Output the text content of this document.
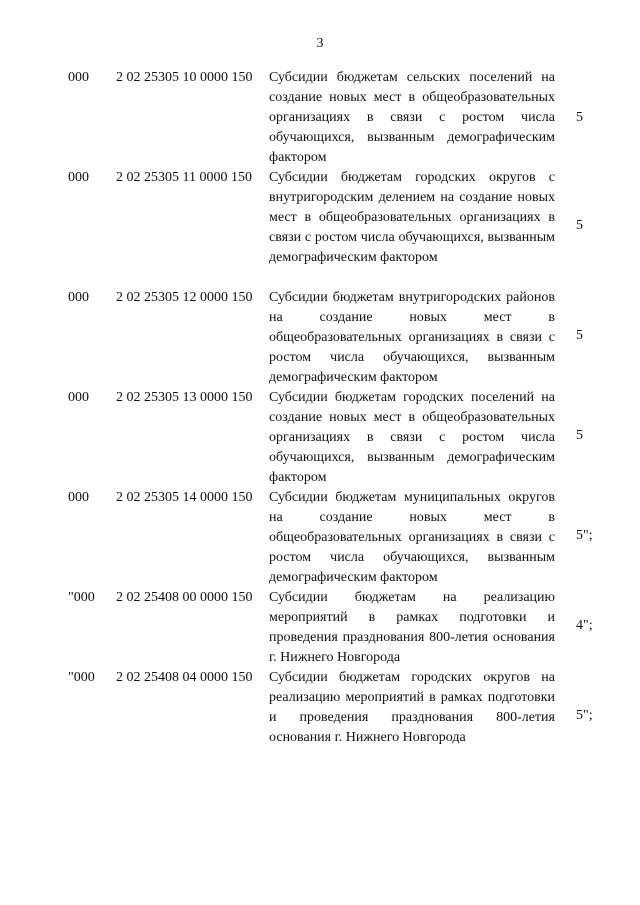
3
000 2 02 25305 10 0000 150 Субсидии бюджетам сельских поселений на создание новых мест в общеобразовательных организациях в связи с ростом числа обучающихся, вызванным демографическим фактором
5
000 2 02 25305 11 0000 150 Субсидии бюджетам городских округов с внутригородским делением на создание новых мест в общеобразовательных организациях в связи с ростом числа обучающихся, вызванным демографическим фактором
5
000 2 02 25305 12 0000 150 Субсидии бюджетам внутригородских районов на создание новых мест в общеобразовательных организациях в связи с ростом числа обучающихся, вызванным демографическим фактором
5
000 2 02 25305 13 0000 150 Субсидии бюджетам городских поселений на создание новых мест в общеобразовательных организациях в связи с ростом числа обучающихся, вызванным демографическим фактором
5
000 2 02 25305 14 0000 150 Субсидии бюджетам муниципальных округов на создание новых мест в общеобразовательных организациях в связи с ростом числа обучающихся, вызванным демографическим фактором
5";
"000 2 02 25408 00 0000 150 Субсидии бюджетам на реализацию мероприятий в рамках подготовки и проведения празднования 800-летия основания г. Нижнего Новгорода
4";
"000 2 02 25408 04 0000 150 Субсидии бюджетам городских округов на реализацию мероприятий в рамках подготовки и проведения празднования 800-летия основания г. Нижнего Новгорода
5";
